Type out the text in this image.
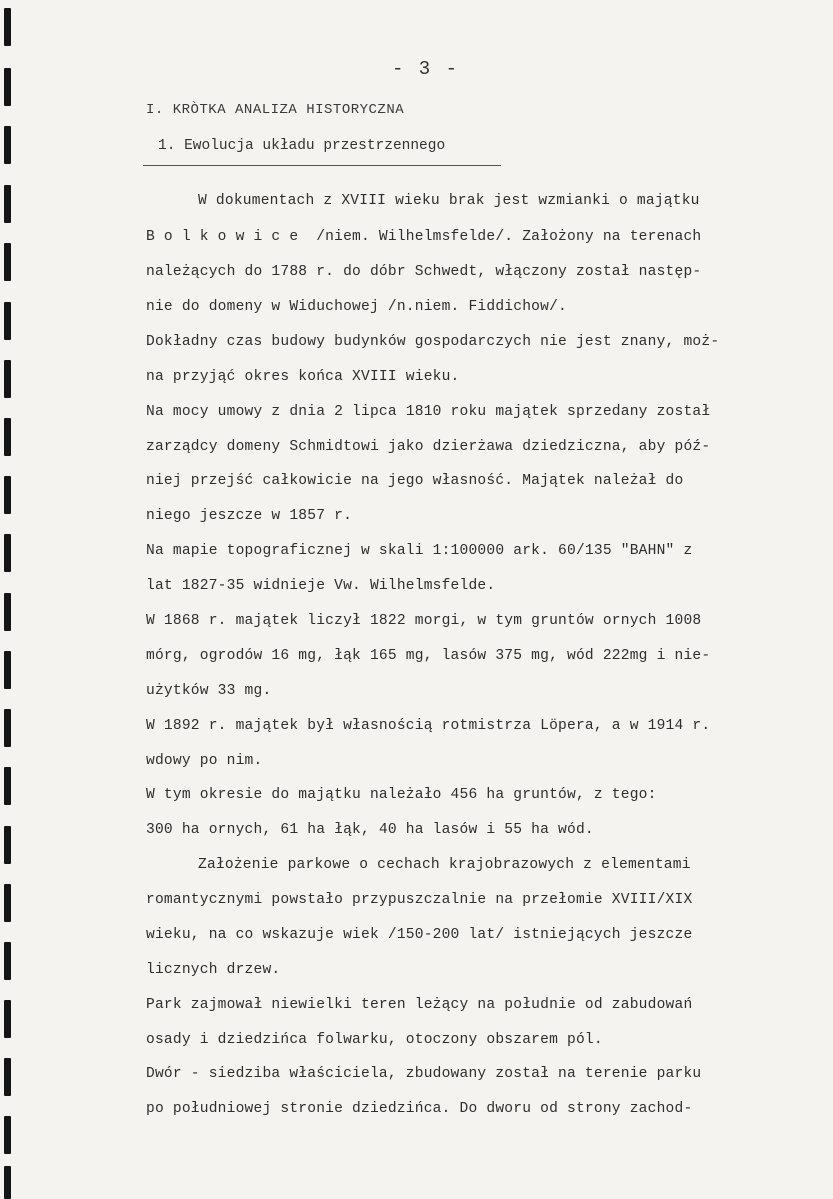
- 3 -
I. KRÒTKA ANALIZA HISTORYCZNA
1. Ewolucja układu przestrzennego
W dokumentach z XVIII wieku brak jest wzmianki o majątku
B o l k o w i c e  /niem. Wilhelmsfelde/. Założony na terenach
należących do 1788 r. do dóbr Schwedt, włączony został następ-
nie do domeny w Widuchowej /n.niem. Fiddichow/.
Dokładny czas budowy budynków gospodarczych nie jest znany, moż-
na przyjąć okres końca XVIII wieku.
Na mocy umowy z dnia 2 lipca 1810 roku majątek sprzedany został
zarządcy domeny Schmidtowi jako dzierżawa dziedziczna, aby póź-
niej przejść całkowicie na jego własność. Majątek należał do
niego jeszcze w 1857 r.
Na mapie topograficznej w skali 1:100000 ark. 60/135 "BAHN" z
lat 1827-35 widnieje Vw. Wilhelmsfelde.
W 1868 r. majątek liczył 1822 morgi, w tym gruntów ornych 1008
mórg, ogrodów 16 mg, łąk 165 mg, lasów 375 mg, wód 222mg i nie-
użytków 33 mg.
W 1892 r. majątek był własnością rotmistrza Löpera, a w 1914 r.
wdowy po nim.
W tym okresie do majątku należało 456 ha gruntów, z tego:
300 ha ornych, 61 ha łąk, 40 ha lasów i 55 ha wód.
Założenie parkowe o cechach krajobrazowych z elementami
romantycznymi powstało przypuszczalnie na przełomie XVIII/XIX
wieku, na co wskazuje wiek /150-200 lat/ istniejących jeszcze
licznych drzew.
Park zajmował niewielki teren leżący na południe od zabudowań
osady i dziedzińca folwarku, otoczony obszarem pól.
Dwór - siedziba właściciela, zbudowany został na terenie parku
po południowej stronie dziedzińca. Do dworu od strony zachod-
